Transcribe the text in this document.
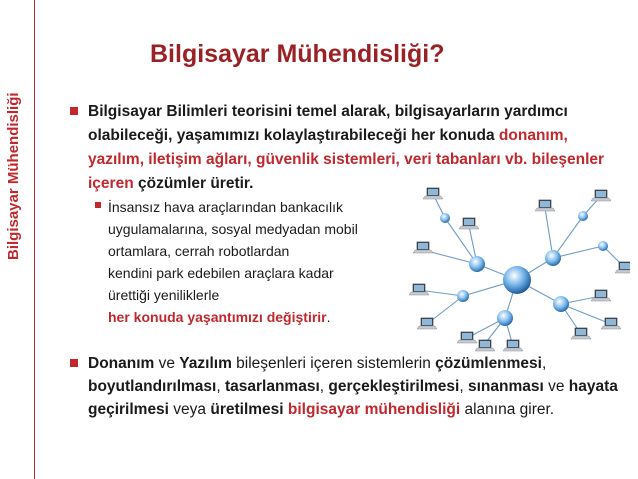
Bilgisayar Mühendisliği
Bilgisayar Mühendisliği?
Bilgisayar Bilimleri teorisini temel alarak, bilgisayarların yardımcı olabileceği, yaşamımızı kolaylaştırabileceği her konuda donanım, yazılım, iletişim ağları, güvenlik sistemleri, veri tabanları vb. bileşenler içeren çözümler üretir.
İnsansız hava araçlarından bankacılık
uygulamalarına, sosyal medyadan mobil
ortamlara, cerrah robotlardan
kendini park edebilen araçlara kadar
ürettiği yeniliklerle
her konuda yaşantımızı değiştirir.
Donanım ve Yazılım bileşenleri içeren sistemlerin çözümlenmesi, boyutlandırılması, tasarlanması, gerçekleştirilmesi, sınanması ve hayata geçirilmesi veya üretilmesi bilgisayar mühendisliği alanına girer.
